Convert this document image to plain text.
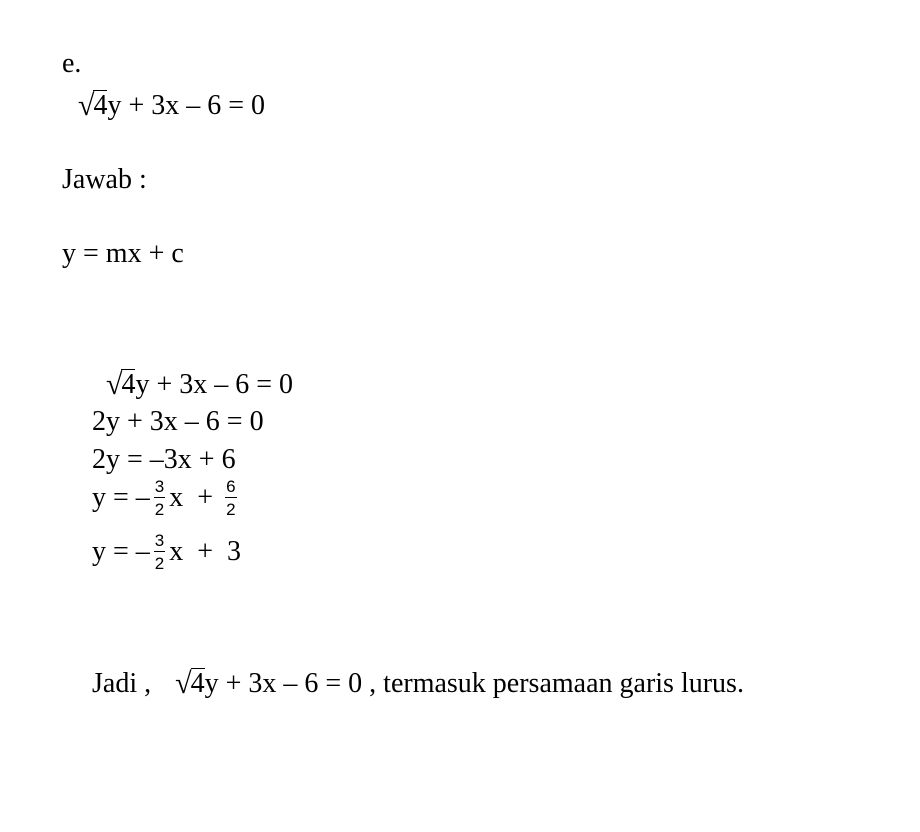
e.
√ 4 y + 3x – 6 = 0
Jawab :
y = mx + c
√ 4 y + 3x – 6 = 0
2y + 3x – 6 = 0
2y = –3x + 6
y = – $\frac{3}{2}$ $x + \frac{6}{2}$
y = – $\frac{3}{2}$ x  +  3
Jadi , √ 4 y + 3x – 6 = 0 , termasuk persamaan garis lurus.
